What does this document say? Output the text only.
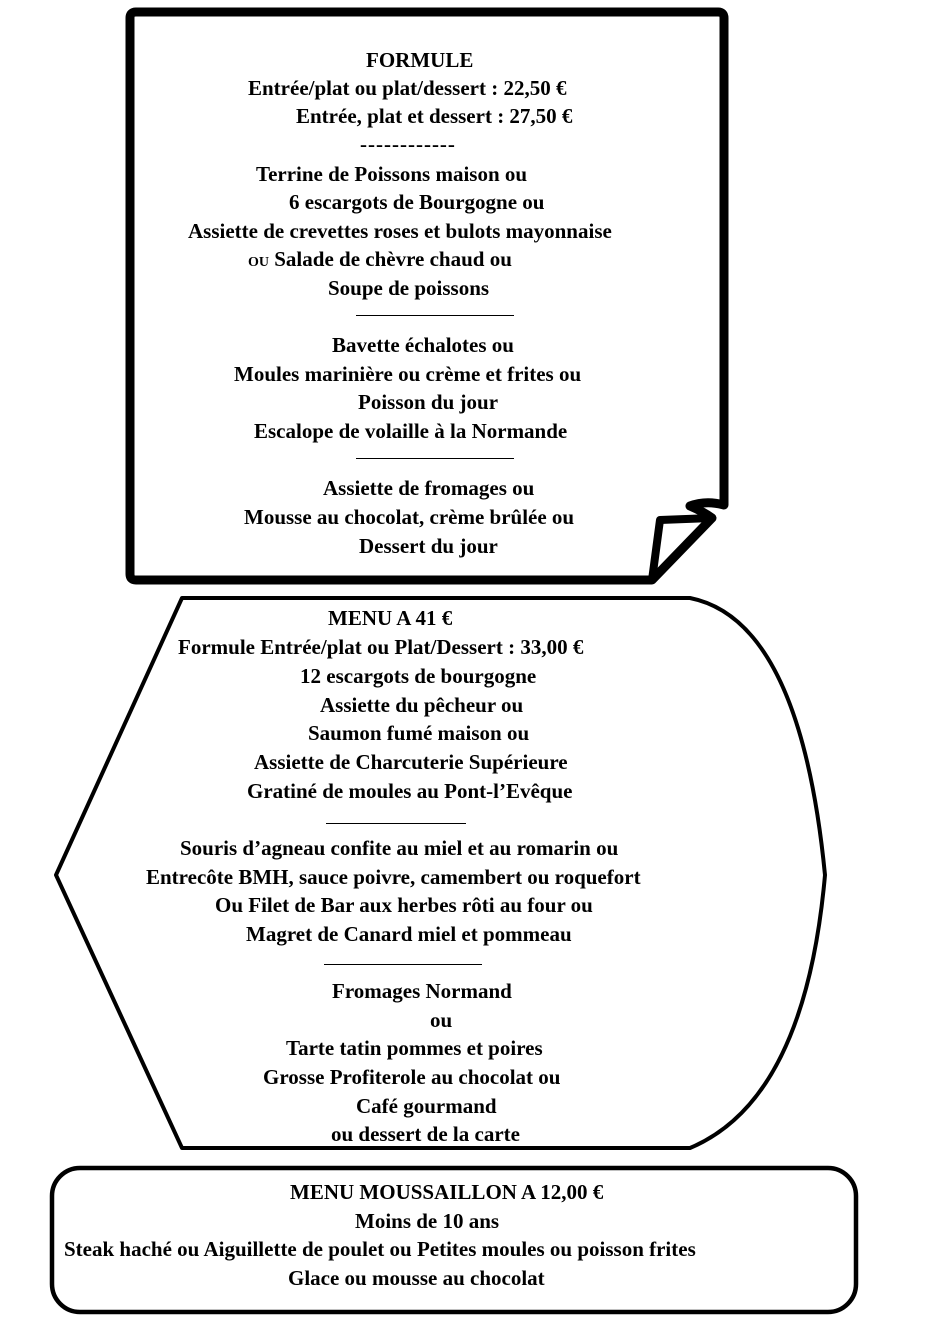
FORMULE
Entrée/plat ou plat/dessert : 22,50 €
Entrée, plat et dessert : 27,50 €
------------
Terrine de Poissons maison ou
6 escargots de Bourgogne ou
Assiette de crevettes roses et bulots mayonnaise
OU Salade de chèvre chaud ou
Soupe de poissons
Bavette échalotes ou
Moules marinière ou crème et frites ou
Poisson du jour
Escalope de volaille à la Normande
Assiette de fromages ou
Mousse au chocolat, crème brûlée ou
Dessert du jour
MENU A 41 €
Formule Entrée/plat ou Plat/Dessert : 33,00 €
12 escargots de bourgogne
Assiette du pêcheur ou
Saumon fumé maison ou
Assiette de Charcuterie Supérieure
Gratiné de moules au Pont-l’Evêque
Souris d’agneau confite au miel et au romarin ou
Entrecôte BMH, sauce poivre, camembert ou roquefort
Ou Filet de Bar aux herbes rôti au four ou
Magret de Canard miel et pommeau
Fromages Normand
ou
Tarte tatin pommes et poires
Grosse Profiterole au chocolat ou
Café gourmand
ou dessert de la carte
MENU MOUSSAILLON A 12,00 €
Moins de 10 ans
Steak haché ou Aiguillette de poulet ou Petites moules ou poisson frites
Glace ou mousse au chocolat
